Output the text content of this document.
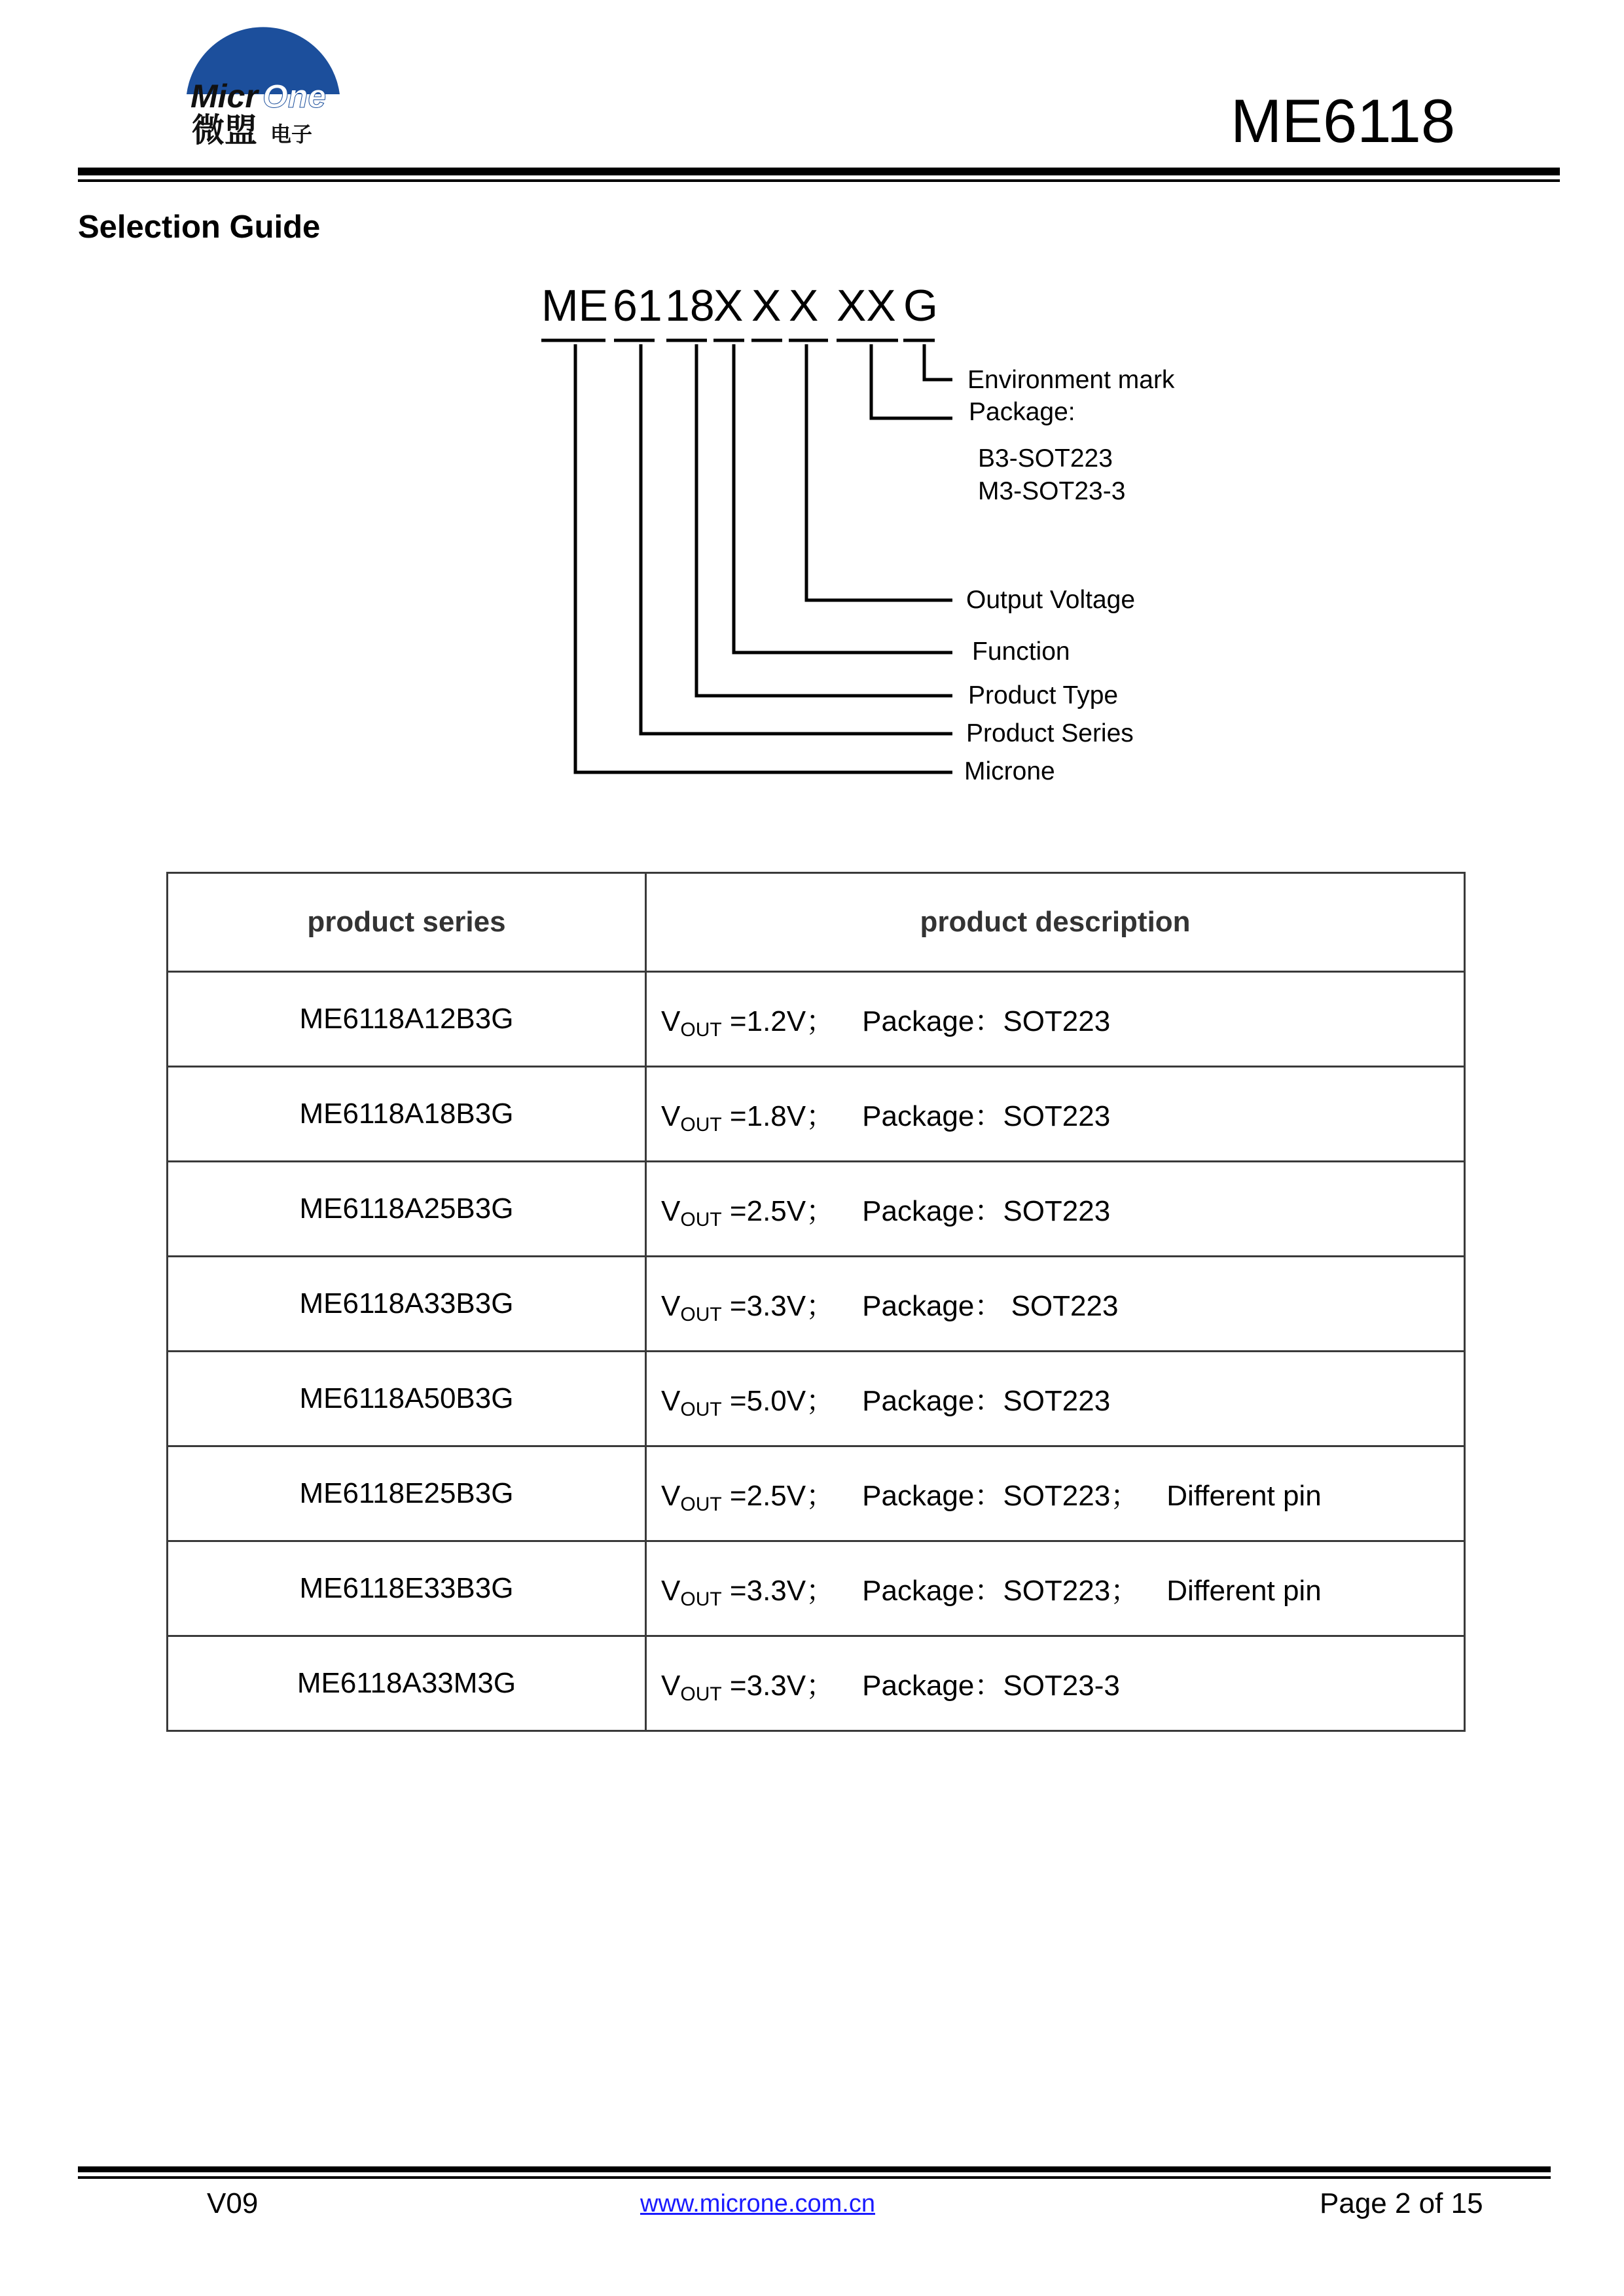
Micr One
微盟 电子	ME6118
Selection Guide
ME 61 18
X X X XX G
Environment mark
Package:
B3-SOT223
M3-SOT23-3
Output Voltage
Function
Product Type
Product Series
Microne
product series	product description
ME6118A12B3G	$V_{OUT} =1.2V$； Package：SOT223
ME6118A18B3G	$V_{OUT} =1.8V$； Package：SOT223
ME6118A25B3G	$V_{OUT} =2.5V$； Package：SOT223
ME6118A33B3G	$V_{OUT} =3.3V$； Package： SOT223
ME6118A50B3G	$V_{OUT} =5.0V$； Package：SOT223
ME6118E25B3G	$V_{OUT} =2.5V$； Package：SOT223； Different pin
ME6118E33B3G	$V_{OUT} =3.3V$； Package：SOT223； Different pin
ME6118A33M3G	$V_{OUT} =3.3V$； Package：SOT23-3
V09	www.microne.com.cn	Page 2 of 15
